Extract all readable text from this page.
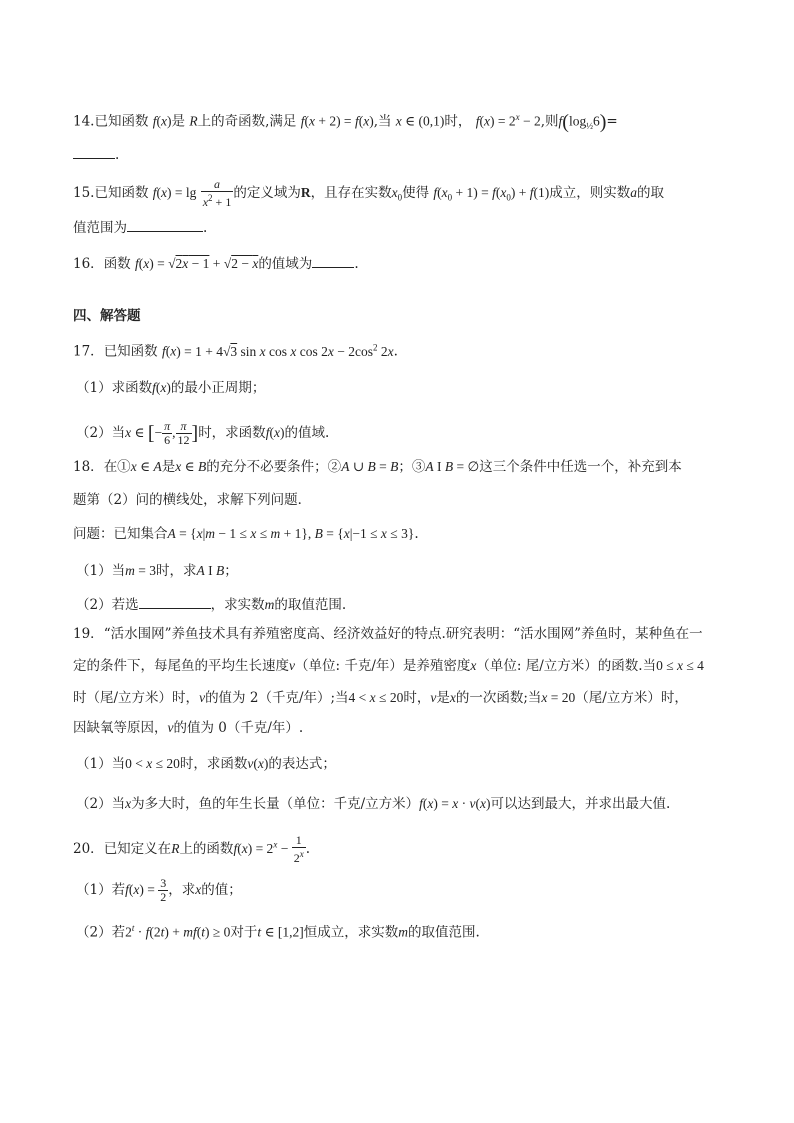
14.已知函数 f(x)是 R上的奇函数,满足 f(x + 2) = f(x),当 x ∈ (0,1)时， $f(x) = 2^x - 2$,则$f(\log_{\frac{1}{2}}6)=$
.
15.已知函数 $f(x) = \lg \frac{a}{x^2 + 1}$ 的定义域为R，且存在实数$x_0$使得 $f(x_0 + 1) = f(x_0) + f(1)$成立，则实数a的取
值范围为	.
16．函数 f(x) = √2x − 1 + √2 − x的值域为	.
四、解答题
17．已知函数 f(x) = 1 + 4√3 sin x cos x $\cos 2x - 2\cos^2$ 2x.
（1）求函数f(x)的最小正周期；
（2）当x ∈ [− $\frac{\pi}{6}$ , $\frac{\pi}{12}$ ]时，求函数f(x)的值域.
18．在①x ∈ A是x ∈ B的充分不必要条件；②A ∪ B = B；③A I B = ∅这三个条件中任选一个，补充到本
题第（2）问的横线处，求解下列问题．
问题：已知集合A = {x|m − 1 ≤ x ≤ m + 1}, B = {x|−1 ≤ x ≤ 3}.
（1）当m = 3时，求A I B；
（2）若选	，求实数m的取值范围.
19．“活水围网”养鱼技术具有养殖密度高、经济效益好的特点.研究表明：“活水围网”养鱼时，某种鱼在一
定的条件下，每尾鱼的平均生长速度v（单位: 千克/年）是养殖密度x（单位: 尾/立方米）的函数.当0 ≤ x ≤ 4
时（尾/立方米）时，v的值为 2（千克/年）;当4 < x ≤ 20时，v是x的一次函数;当x = 20（尾/立方米）时，
因缺氧等原因，v的值为 0（千克/年）.
（1）当0 < x ≤ 20时，求函数v(x)的表达式；
（2）当x为多大时，鱼的年生长量（单位：千克/立方米）f(x) = x · v(x)可以达到最大，并求出最大值.
20．已知定义在R上的函数$f(x) = 2^x - \frac{1}{2^x}$ .
（1）若$f(x) = \frac{3}{2}$ ，求x的值；
（2）若$2^t \cdot f(2t) + mf(t) \ge 0$对于t ∈ [1,2]恒成立，求实数m的取值范围.
